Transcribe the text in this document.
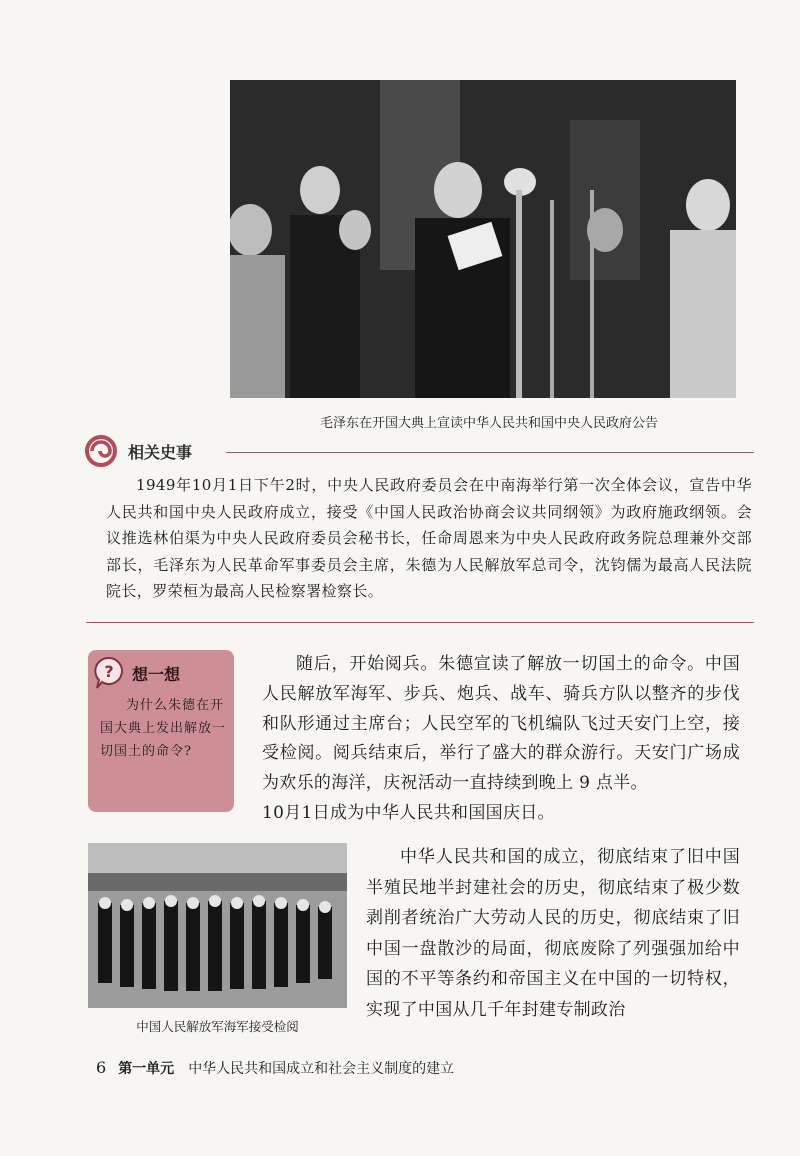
毛泽东在开国大典上宣读中华人民共和国中央人民政府公告
相关史事

1949年10月1日下午2时，中央人民政府委员会在中南海举行第一次全体会议，宣告中华人民共和国中央人民政府成立，接受《中国人民政治协商会议共同纲领》为政府施政纲领。会议推选林伯渠为中央人民政府委员会秘书长，任命周恩来为中央人民政府政务院总理兼外交部部长，毛泽东为人民革命军事委员会主席，朱德为人民解放军总司令，沈钧儒为最高人民法院院长，罗荣桓为最高人民检察署检察长。

? 想一想
为什么朱德在开国大典上发出解放一切国土的命令?

随后，开始阅兵。朱德宣读了解放一切国土的命令。中国人民解放军海军、步兵、炮兵、战车、骑兵方队以整齐的步伐和队形通过主席台；人民空军的飞机编队飞过天安门上空，接受检阅。阅兵结束后，举行了盛大的群众游行。天安门广场成为欢乐的海洋，庆祝活动一直持续到晚上 9 点半。
10月1日成为中华人民共和国国庆日。

中国人民解放军海军接受检阅

中华人民共和国的成立，彻底结束了旧中国半殖民地半封建社会的历史，彻底结束了极少数剥削者统治广大劳动人民的历史，彻底结束了旧中国一盘散沙的局面，彻底废除了列强强加给中国的不平等条约和帝国主义在中国的一切特权，实现了中国从几千年封建专制政治

6 第一单元 中华人民共和国成立和社会主义制度的建立
